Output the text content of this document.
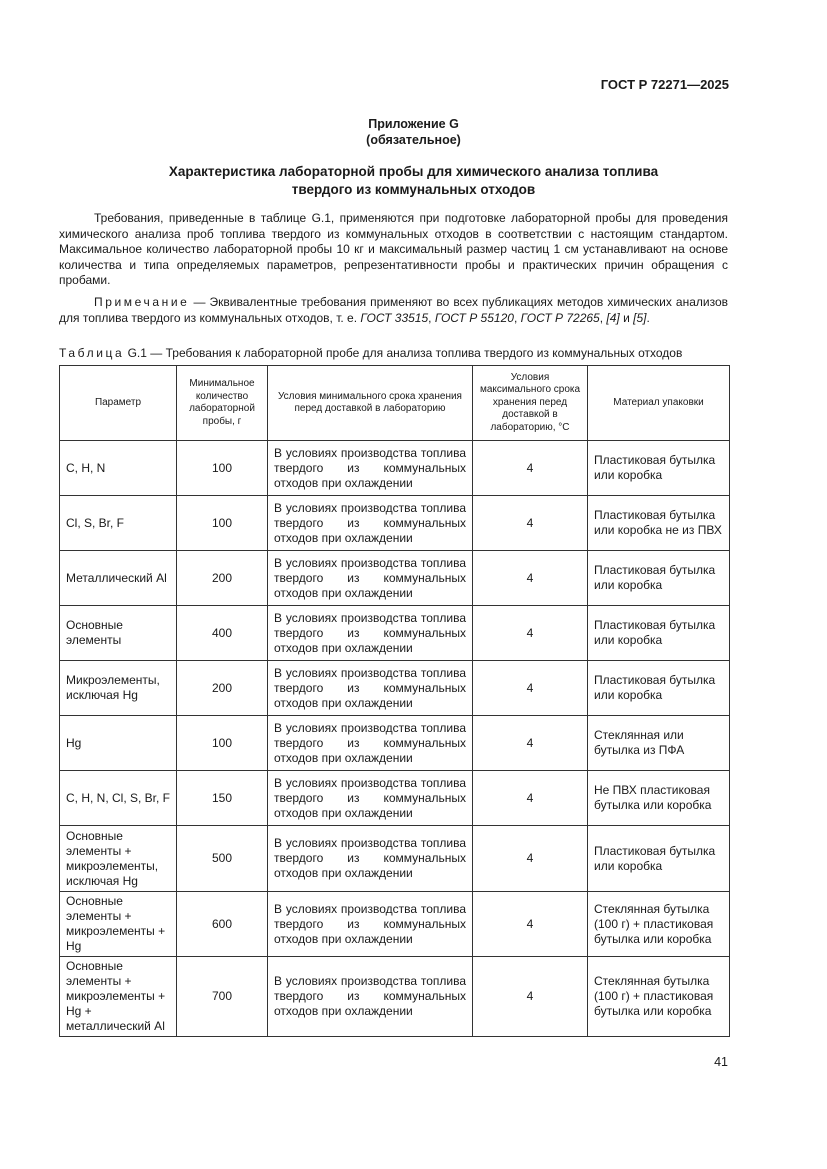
ГОСТ Р 72271—2025
Приложение G
(обязательное)
Характеристика лабораторной пробы для химического анализа топлива
твердого из коммунальных отходов

Требования, приведенные в таблице G.1, применяются при подготовке лабораторной пробы для проведения химического анализа проб топлива твердого из коммунальных отходов в соответствии с настоящим стандартом. Максимальное количество лабораторной пробы 10 кг и максимальный размер частиц 1 см устанавливают на основе количества и типа определяемых параметров, репрезентативности пробы и практических причин обращения с пробами.

Примечание — Эквивалентные требования применяют во всех публикациях методов химических анализов для топлива твердого из коммунальных отходов, т. е. ГОСТ 33515, ГОСТ Р 55120, ГОСТ Р 72265, [4] и [5].

Таблица G.1 — Требования к лабораторной пробе для анализа топлива твердого из коммунальных отходов
Параметр	Минимальное количество лабораторной пробы, г	Условия минимального срока хранения перед доставкой в лабораторию	Условия максимального срока хранения перед доставкой в лабораторию, °C	Материал упаковки
C, H, N	100	В условиях производства топлива твердого из коммунальных отходов при охлаждении	4	Пластиковая бутылка или коробка
Cl, S, Br, F	100	В условиях производства топлива твердого из коммунальных отходов при охлаждении	4	Пластиковая бутылка или коробка не из ПВХ
Металлический Al	200	В условиях производства топлива твердого из коммунальных отходов при охлаждении	4	Пластиковая бутылка или коробка
Основные элементы	400	В условиях производства топлива твердого из коммунальных отходов при охлаждении	4	Пластиковая бутылка или коробка
Микроэлементы, исключая Hg	200	В условиях производства топлива твердого из коммунальных отходов при охлаждении	4	Пластиковая бутылка или коробка
Hg	100	В условиях производства топлива твердого из коммунальных отходов при охлаждении	4	Стеклянная или бутылка из ПФА
C, H, N, Cl, S, Br, F	150	В условиях производства топлива твердого из коммунальных отходов при охлаждении	4	Не ПВХ пластиковая бутылка или коробка
Основные элементы + микроэлементы, исключая Hg	500	В условиях производства топлива твердого из коммунальных отходов при охлаждении	4	Пластиковая бутылка или коробка
Основные элементы + микроэлементы + Hg	600	В условиях производства топлива твердого из коммунальных отходов при охлаждении	4	Стеклянная бутылка (100 г) + пластиковая бутылка или коробка
Основные элементы + микроэлементы + Hg + металлический Al	700	В условиях производства топлива твердого из коммунальных отходов при охлаждении	4	Стеклянная бутылка (100 г) + пластиковая бутылка или коробка
41
